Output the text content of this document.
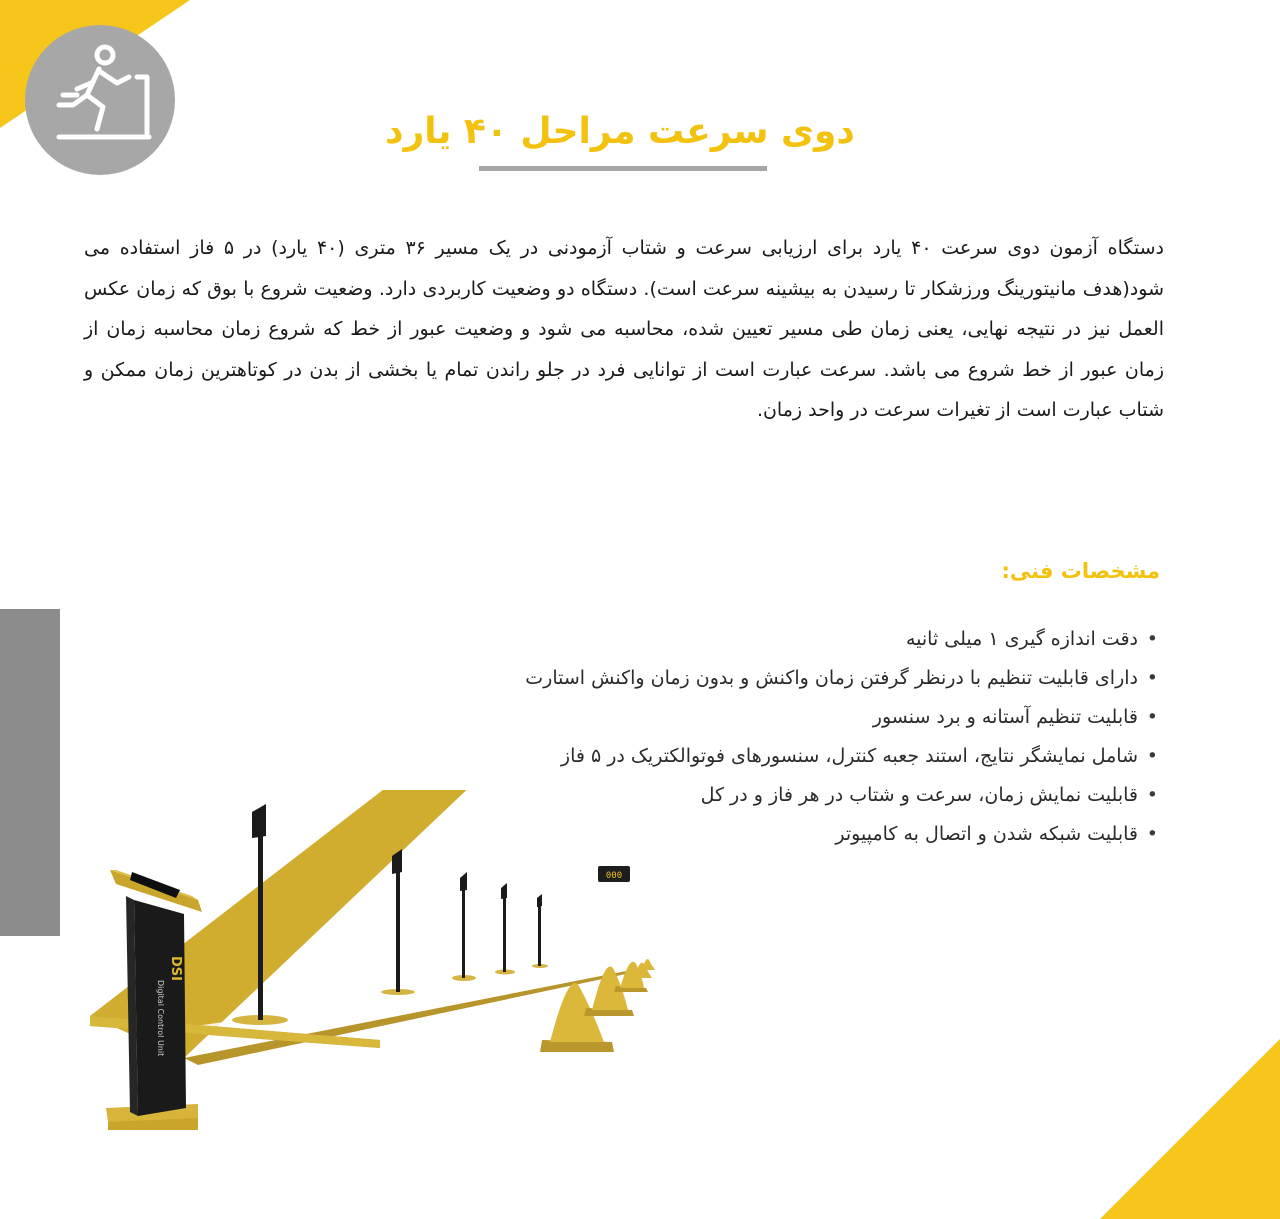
دوی سرعت مراحل ۴۰ یارد

دستگاه آزمون دوی سرعت ۴۰ یارد برای ارزیابی سرعت و شتاب آزمودنی در یک مسیر ۳۶ متری (۴۰ یارد) در ۵ فاز استفاده می شود(هدف مانیتورینگ ورزشکار تا رسیدن به بیشینه سرعت است). دستگاه دو وضعیت کاربردی دارد. وضعیت شروع با بوق که زمان عکس العمل نیز در نتیجه نهایی، یعنی زمان طی مسیر تعیین شده، محاسبه می شود و وضعیت عبور از خط که شروع زمان محاسبه زمان از زمان عبور از خط شروع می باشد. سرعت عبارت است از توانایی فرد در جلو راندن تمام یا بخشی از بدن در کوتاهترین زمان ممکن و شتاب عبارت است از تغیرات سرعت در واحد زمان.

مشخصات فنی:
•
دقت اندازه گیری ۱ میلی ثانیه
•
دارای قابلیت تنظیم با درنظر گرفتن زمان واکنش و بدون زمان واکنش استارت
•
قابلیت تنظیم آستانه و برد سنسور
•
شامل نمایشگر نتایج، استند جعبه کنترل، سنسورهای فوتوالکتریک در ۵ فاز
•
قابلیت نمایش زمان، سرعت و شتاب در هر فاز و در کل
•
قابلیت شبکه شدن و اتصال به کامپیوتر
000
DSI
Digital Control Unit
